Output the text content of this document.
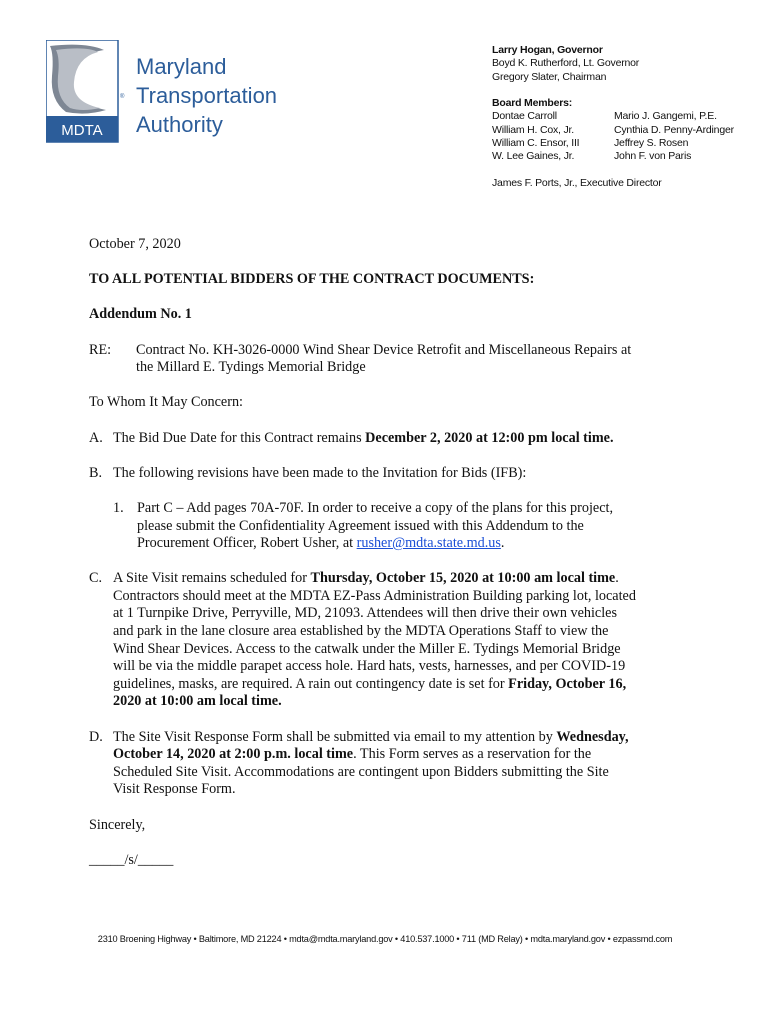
MDTA
®
Maryland
Transportation
Authority
Larry Hogan, Governor
Boyd K. Rutherford, Lt. Governor
Gregory Slater, Chairman
Board Members:
Dontae Carroll
William H. Cox, Jr.
William C. Ensor, III
W. Lee Gaines, Jr.
Mario J. Gangemi, P.E.
Cynthia D. Penny-Ardinger
Jeffrey S. Rosen
John F. von Paris
James F. Ports, Jr., Executive Director

October 7, 2020

TO ALL POTENTIAL BIDDERS OF THE CONTRACT DOCUMENTS:

Addendum No. 1

RE:	Contract No. KH-3026-0000 Wind Shear Device Retrofit and Miscellaneous Repairs at
the Millard E. Tydings Memorial Bridge

To Whom It May Concern:

A. The Bid Due Date for this Contract remains December 2, 2020 at 12:00 pm local time.
B. The following revisions have been made to the Invitation for Bids (IFB):
1. Part C – Add pages 70A-70F. In order to receive a copy of the plans for this project,
please submit the Confidentiality Agreement issued with this Addendum to the
Procurement Officer, Robert Usher, at rusher@mdta.state.md.us.
C. A Site Visit remains scheduled for Thursday, October 15, 2020 at 10:00 am local time.
Contractors should meet at the MDTA EZ-Pass Administration Building parking lot, located
at 1 Turnpike Drive, Perryville, MD, 21093. Attendees will then drive their own vehicles
and park in the lane closure area established by the MDTA Operations Staff to view the
Wind Shear Devices. Access to the catwalk under the Miller E. Tydings Memorial Bridge
will be via the middle parapet access hole. Hard hats, vests, harnesses, and per COVID-19
guidelines, masks, are required. A rain out contingency date is set for Friday, October 16,
2020 at 10:00 am local time.
D. The Site Visit Response Form shall be submitted via email to my attention by Wednesday,
October 14, 2020 at 2:00 p.m. local time. This Form serves as a reservation for the
Scheduled Site Visit. Accommodations are contingent upon Bidders submitting the Site
Visit Response Form.

Sincerely,

_____/s/_____

2310 Broening Highway • Baltimore, MD 21224 • mdta@mdta.maryland.gov • 410.537.1000 • 711 (MD Relay) • mdta.maryland.gov • ezpassmd.com
